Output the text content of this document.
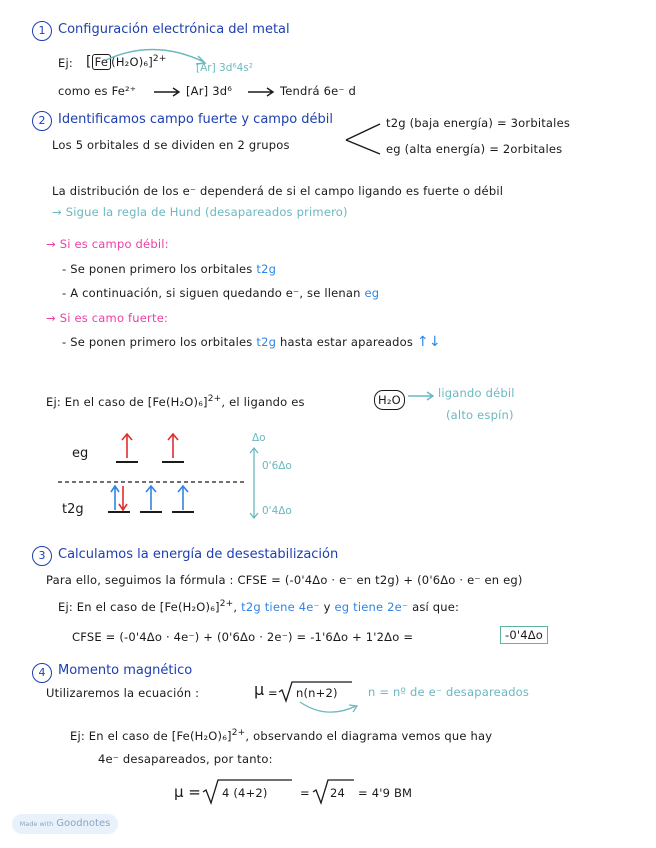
1 Configuración electrónica del metal
Ej: [ Fe (H₂O)₆]$^{2+}$
[Ar] 3d⁶4s²
como es Fe²⁺	[Ar] 3d⁶	Tendrá 6e⁻ d
2 Identificamos campo fuerte y campo débil
Los 5 orbitales d se dividen en 2 grupos
t2g (baja energía) = 3orbitales
eg (alta energía) = 2orbitales
La distribución de los e⁻ dependerá de si el campo ligando es fuerte o débil
→ Sigue la regla de Hund (desapareados primero)
→ Si es campo débil:
- Se ponen primero los orbitales t2g
- A continuación, si siguen quedando e⁻, se llenan eg
→ Si es camo fuerte:
- Se ponen primero los orbitales t2g hasta estar apareados ↑↓
Ej: En el caso de $[Fe(H_2O)_6]^{2+}$, el ligando es	H₂O	ligando débil
(alto espín)
eg
t2g
Δo
0'6Δo
0'4Δo
3 Calculamos la energía de desestabilización
Para ello, seguimos la fórmula : CFSE = (-0'4Δo · e⁻ en t2g) + (0'6Δo · e⁻ en eg)
Ej: En el caso de $[Fe(H_2O)_6]^{2+}$, t2g tiene 4e⁻ y eg tiene 2e⁻ así que:
CFSE = (-0'4Δo · 4e⁻) + (0'6Δo · 2e⁻) = -1'6Δo + 1'2Δo =	-0'4Δo
4 Momento magnético
Utilizaremos la ecuación :	μ = n(n+2)	n = nº de e⁻ desapareados
Ej: En el caso de $[Fe(H_2O)_6]^{2+}$, observando el diagrama vemos que hay
4e⁻ desapareados, por tanto:
μ = 4 (4+2)	= 24 = 4'9 BM
Made with Goodnotes
